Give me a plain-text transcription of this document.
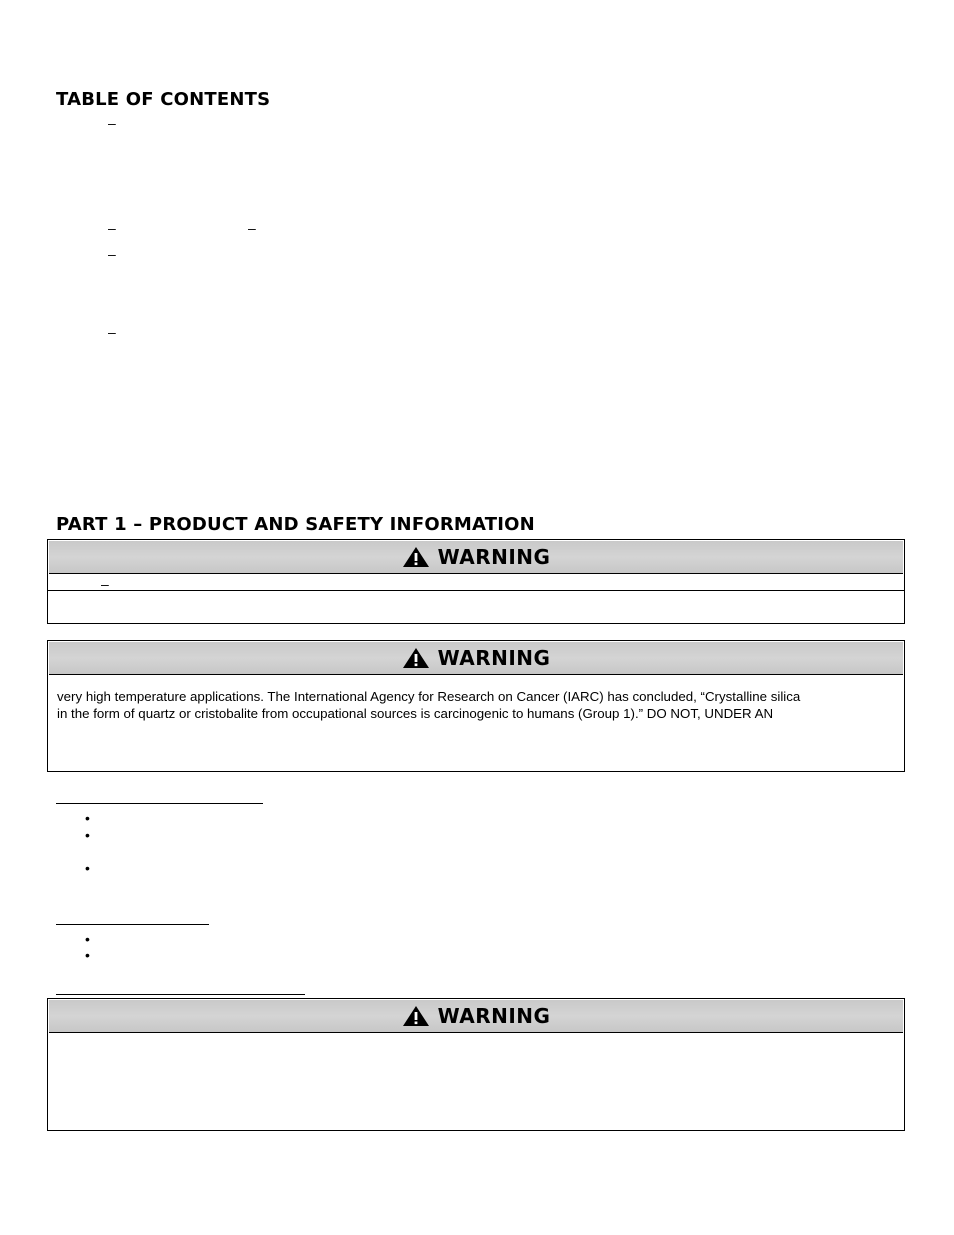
TABLE OF CONTENTS
–
–	–
–
–
PART 1 – PRODUCT AND SAFETY INFORMATION
WARNING
–
WARNING
very high temperature applications. The International Agency for Research on Cancer (IARC) has concluded, “Crystalline silica
in the form of quartz or cristobalite from occupational sources is carcinogenic to humans (Group 1).” DO NOT, UNDER AN
•
•
•
•
•
WARNING
